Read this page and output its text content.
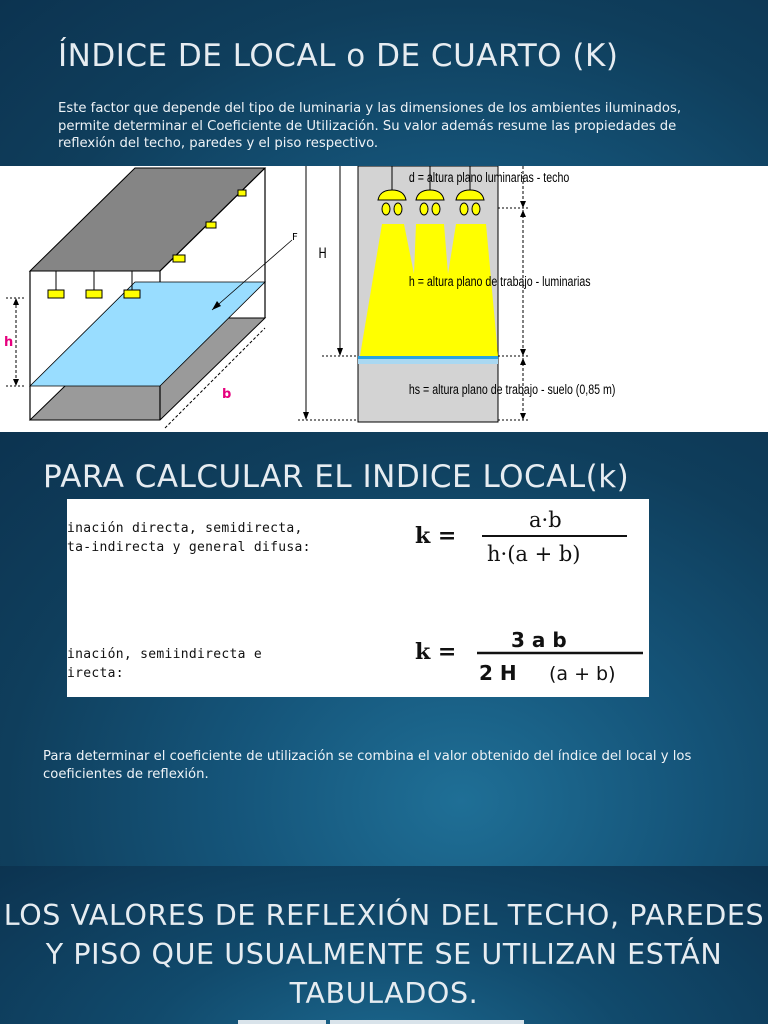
ÍNDICE DE LOCAL o DE CUARTO (K)

Este factor que depende del tipo de luminaria y las dimensiones de los ambientes iluminados, permite determinar el Coeficiente de Utilización. Su valor además resume las propiedades de reflexión del techo, paredes y el piso respectivo.

F
h
b
H
d = altura plano luminarias - techo
h = altura plano de trabajo - luminarias
hs = altura plano de trabajo - suelo (0,85 m)
PARA CALCULAR EL INDICE LOCAL(k)
inación directa, semidirecta,
ta-indirecta y general difusa:	k =
a·b
h·(a + b)
k =	3 a b
2 H (a + b)
inación, semiindirecta e
irecta:

Para determinar el coeficiente de utilización se combina el valor obtenido del índice del local y los coeficientes de reflexión.

LOS VALORES DE REFLEXIÓN DEL TECHO, PAREDES Y PISO QUE USUALMENTE SE UTILIZAN ESTÁN TABULADOS.
